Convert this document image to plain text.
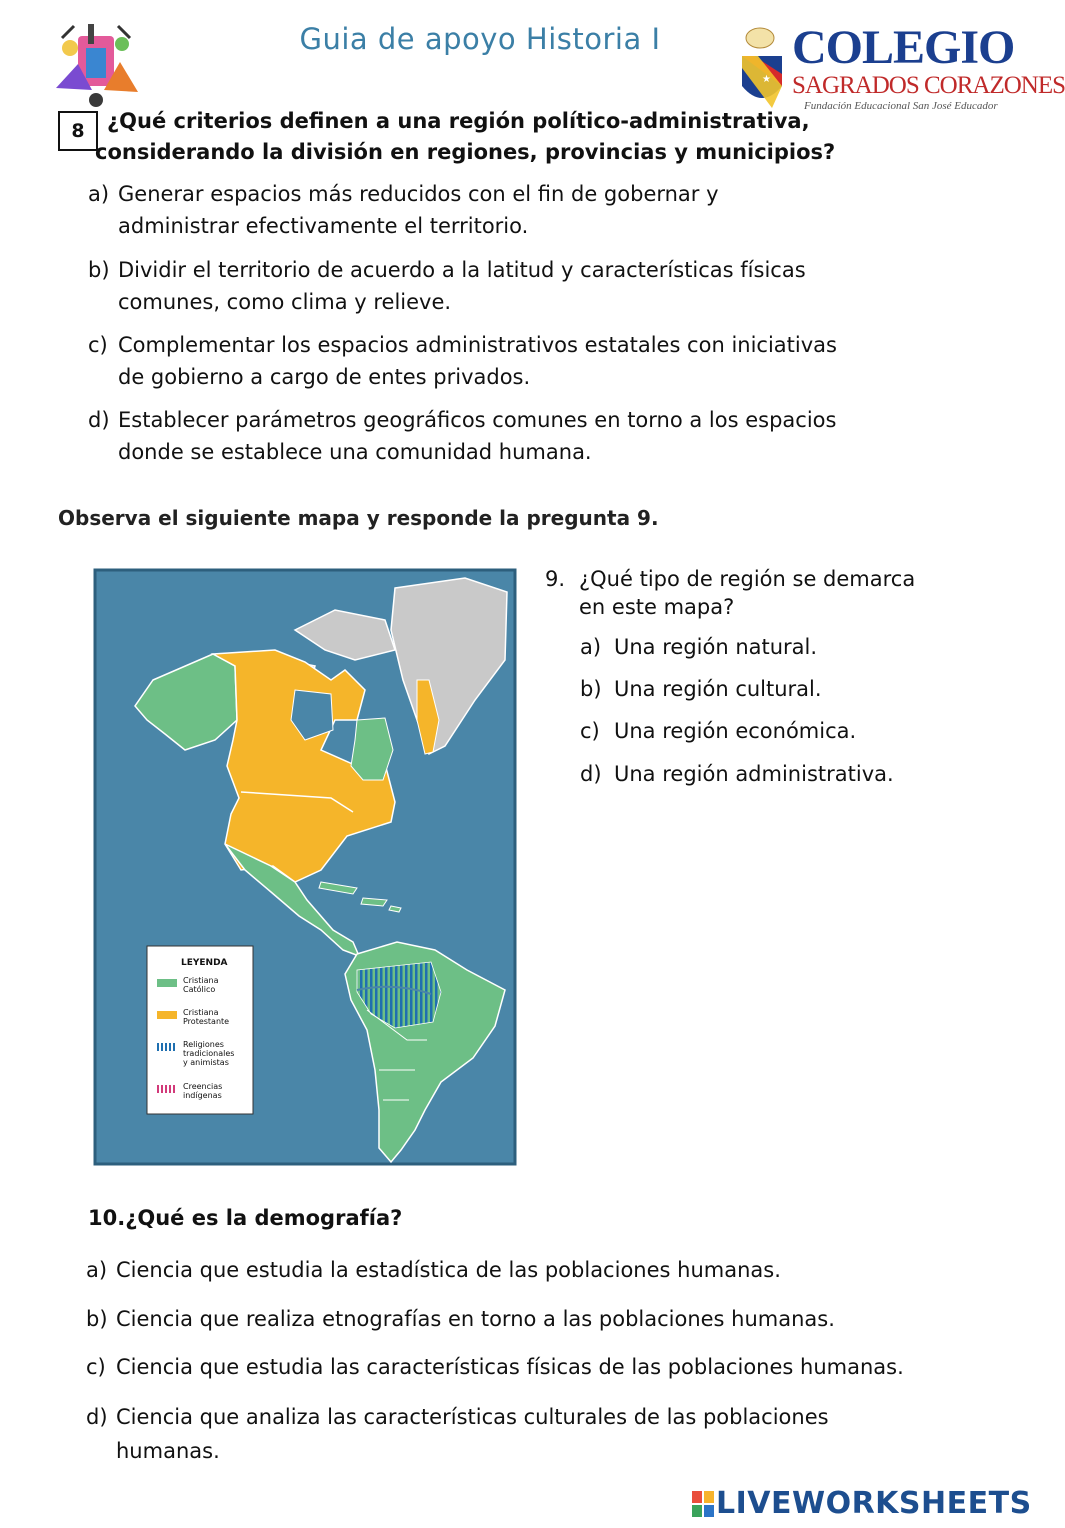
Guia de apoyo Historia I
★
COLEGIO
SAGRADOS CORAZONES
Fundación Educacional San José Educador
8	¿Qué criterios definen a una región político-administrativa,
considerando la división en regiones, provincias y municipios?
a) Generar espacios más reducidos con el fin de gobernar y
administrar efectivamente el territorio.
b) Dividir el territorio de acuerdo a la latitud y características físicas
comunes, como clima y relieve.
c) Complementar los espacios administrativos estatales con iniciativas
de gobierno a cargo de entes privados.
d) Establecer parámetros geográficos comunes en torno a los espacios
donde se establece una comunidad humana.
Observa el siguiente mapa y responde la pregunta 9.
LEYENDA
Cristiana
Católico
Cristiana
Protestante
Religiones
tradicionales
y animistas
Creencias
indígenas
9. ¿Qué tipo de región se demarca
en este mapa?
a) Una región natural.
b) Una región cultural.
c) Una región económica.
d) Una región administrativa.
10.¿Qué es la demografía?
a) Ciencia que estudia la estadística de las poblaciones humanas.
b) Ciencia que realiza etnografías en torno a las poblaciones humanas.
c) Ciencia que estudia las características físicas de las poblaciones humanas.
d) Ciencia que analiza las características culturales de las poblaciones
humanas.
LIVEWORKSHEETS
